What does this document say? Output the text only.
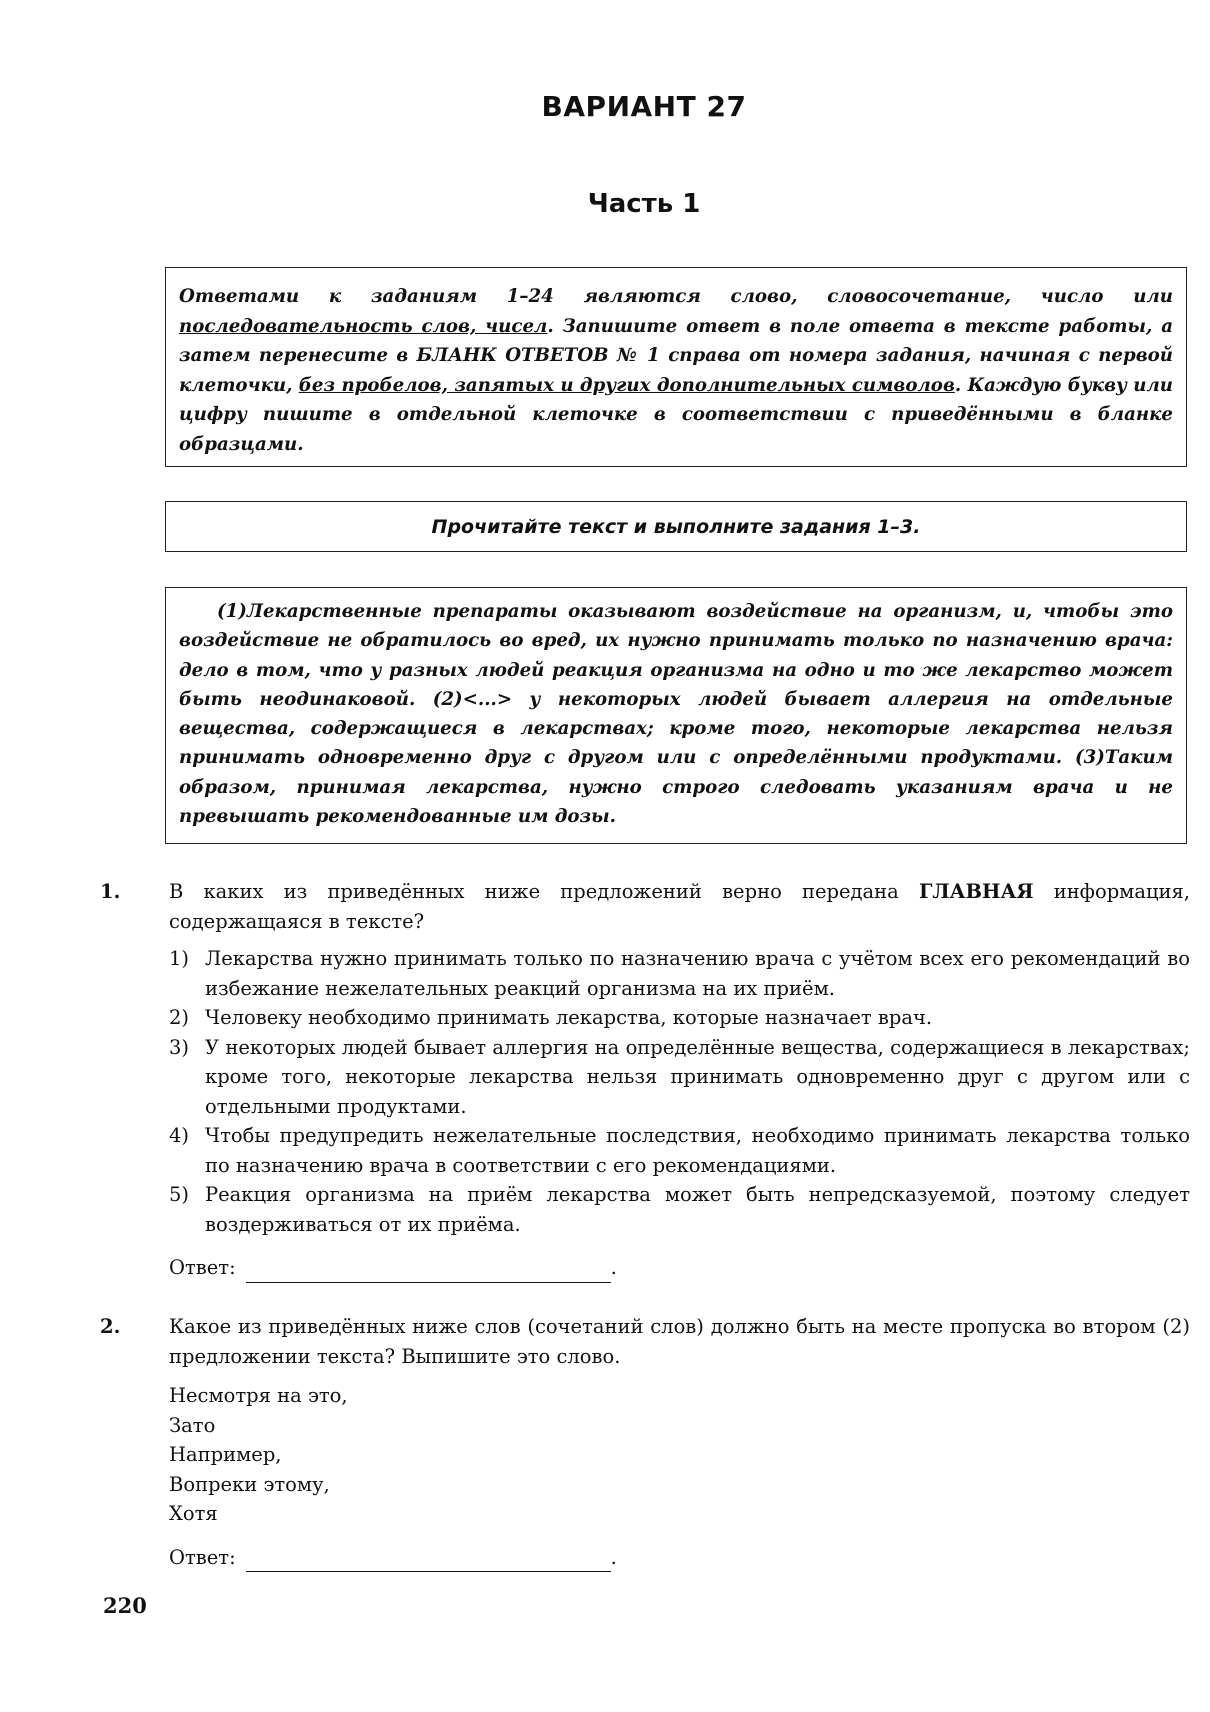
ВАРИАНТ 27
Часть 1

Ответами к заданиям 1–24 являются слово, словосочетание, число или последовательность слов, чисел. Запишите ответ в поле ответа в тексте работы, а затем перенесите в БЛАНК ОТВЕТОВ № 1 справа от номера задания, начиная с первой клеточки, без пробелов, запятых и других дополнительных символов. Каждую букву или цифру пишите в отдельной клеточке в соответствии с приведёнными в бланке образцами.

Прочитайте текст и выполните задания 1–3.

(1)Лекарственные препараты оказывают воздействие на организм, и, чтобы это воздействие не обратилось во вред, их нужно принимать только по назначению врача: дело в том, что у разных людей реакция организма на одно и то же лекарство может быть неодинаковой. (2)<...> у некоторых людей бывает аллергия на отдельные вещества, содержащиеся в лекарствах; кроме того, некоторые лекарства нельзя принимать одновременно друг с другом или с определёнными продуктами. (3)Таким образом, принимая лекарства, нужно строго следовать указаниям врача и не превышать рекомендованные им дозы.

1. В каких из приведённых ниже предложений верно передана ГЛАВНАЯ информация, содержащаяся в тексте?

1) Лекарства нужно принимать только по назначению врача с учётом всех его рекомендаций во избежание нежелательных реакций организма на их приём.
2) Человеку необходимо принимать лекарства, которые назначает врач.
3) У некоторых людей бывает аллергия на определённые вещества, содержащиеся в лекарствах; кроме того, некоторые лекарства нельзя принимать одновременно друг с другом или с отдельными продуктами.
4) Чтобы предупредить нежелательные последствия, необходимо принимать лекарства только по назначению врача в соответствии с его рекомендациями.
5) Реакция организма на приём лекарства может быть непредсказуемой, поэтому следует воздерживаться от их приёма.
Ответ:	.
2. Какое из приведённых ниже слов (сочетаний слов) должно быть на месте пропуска во втором (2) предложении текста? Выпишите это слово.

Несмотря на это,
Зато
Например,
Вопреки этому,
Хотя
Ответ:	.
220
